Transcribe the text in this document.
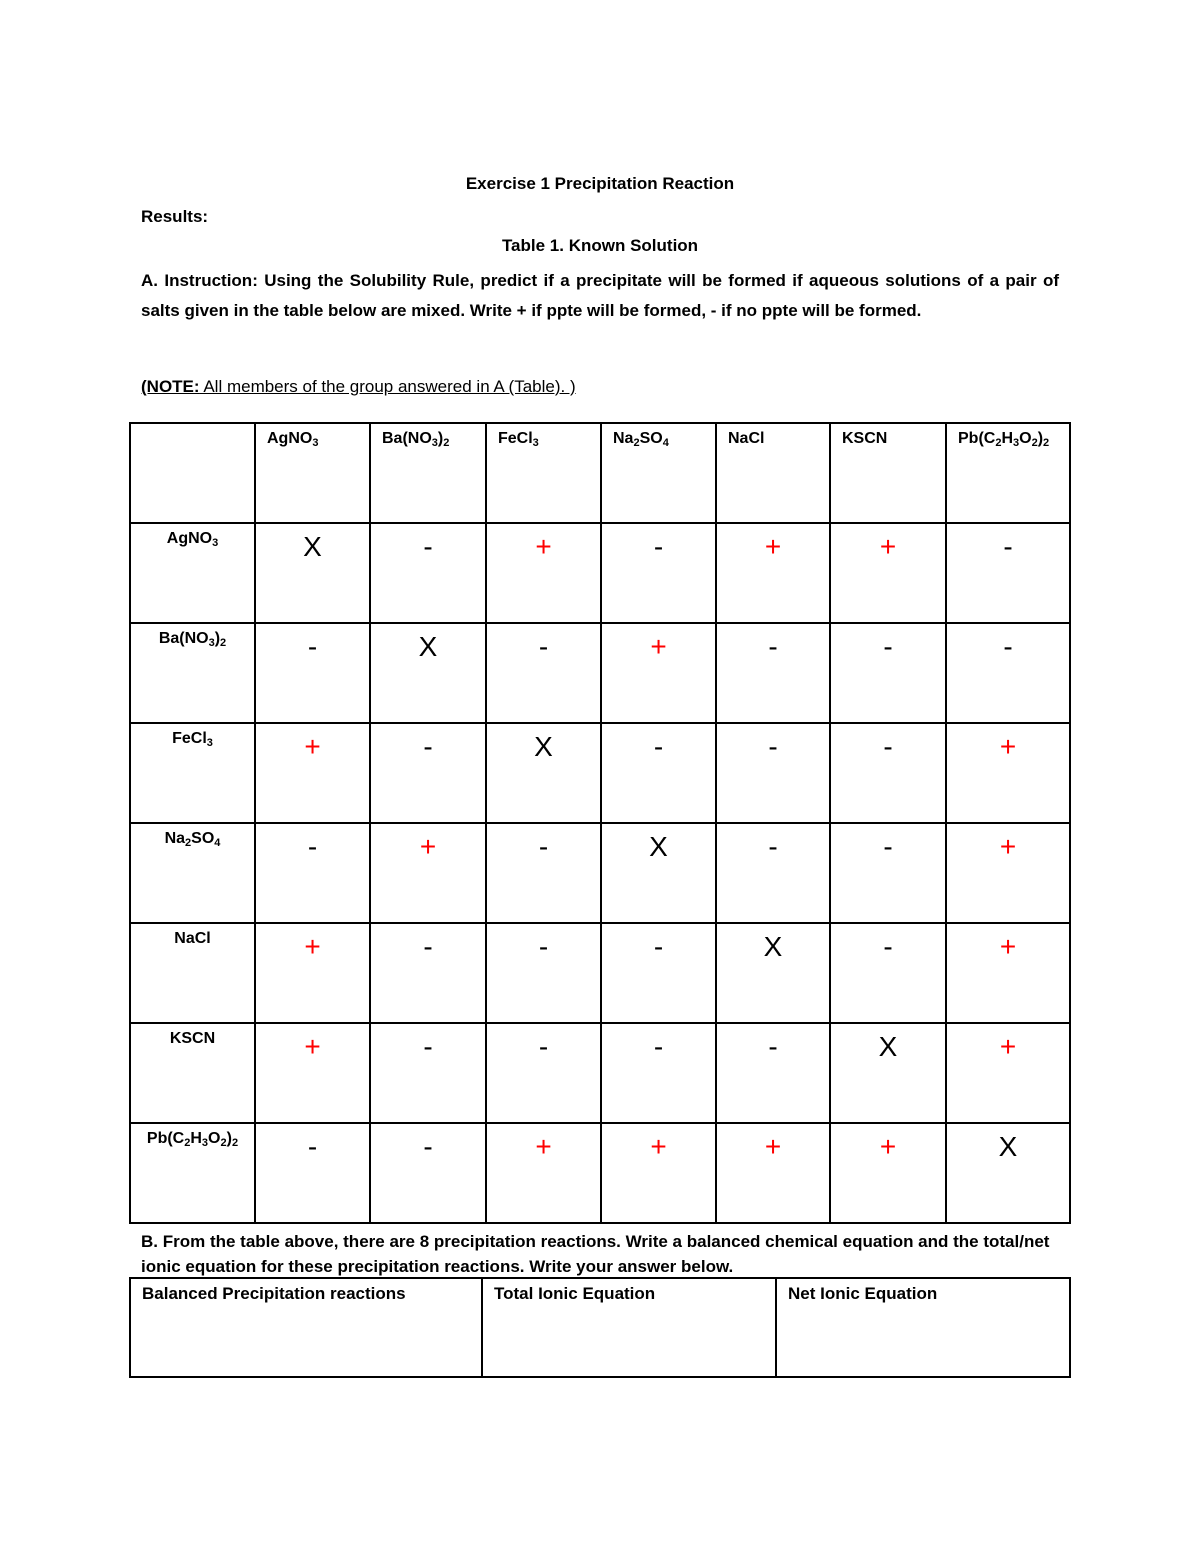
Exercise 1 Precipitation Reaction
Results:
Table 1. Known Solution
A. Instruction: Using the Solubility Rule, predict if a precipitate will be formed if aqueous solutions of a pair of salts given in the table below are mixed. Write + if ppte will be formed, - if no ppte will be formed.
(NOTE: All members of the group answered in A (Table). )
	AgNO$_3$	$Ba(NO_3)_2$	FeCl$_3$	$Na_2SO_4$	NaCl	KSCN	$Pb(C_2H_3O_2)_2$
AgNO$_3$	X	-	+	-	+	+	-

$Ba(NO_3)_2$	-	X	-	+	-	-	-

FeCl$_3$	+	-	X	-	-	-	+

$Na_2SO_4$	-	+	-	X	-	-	+

NaCl	+	-	-	-	X	-	+

KSCN	+	-	-	-	-	X	+

$Pb(C_2H_3O_2)_2$	-	-	+	+	+	+	X
B. From the table above, there are 8 precipitation reactions. Write a balanced chemical equation and the total/net ionic equation for these precipitation reactions. Write your answer below.
Balanced Precipitation reactions	Total Ionic Equation	Net Ionic Equation
